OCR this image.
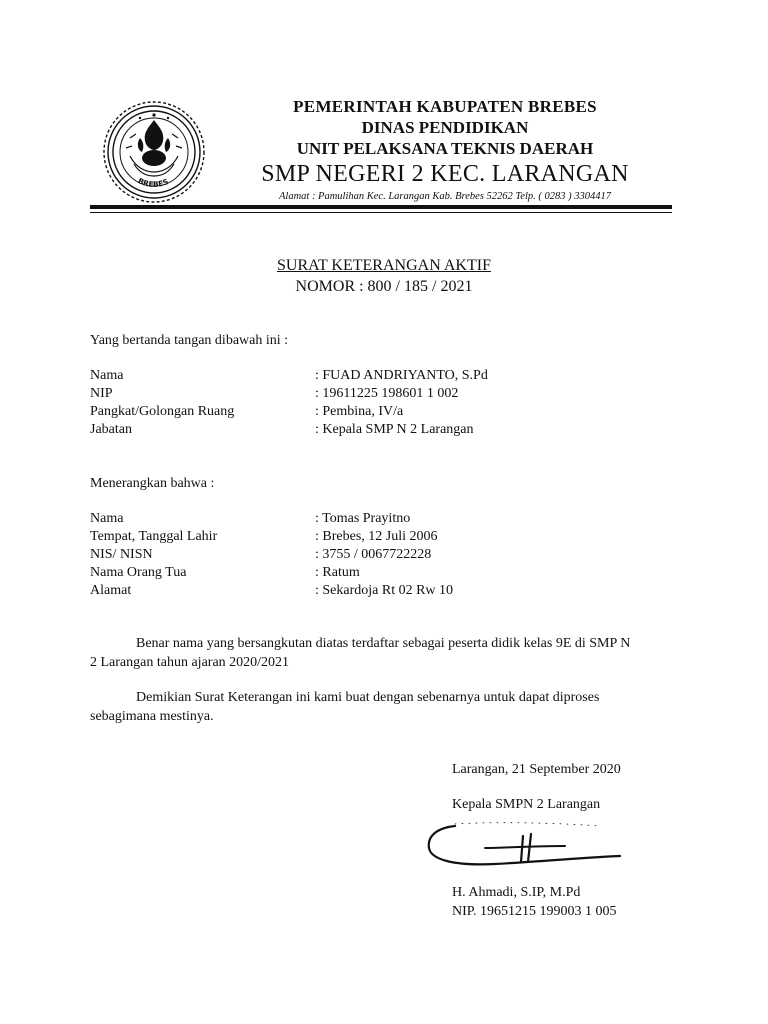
BREBES
PEMERINTAH KABUPATEN BREBES
DINAS PENDIDIKAN
UNIT PELAKSANA TEKNIS DAERAH
SMP NEGERI 2 KEC. LARANGAN
Alamat : Pamulihan Kec. Larangan Kab. Brebes 52262 Telp. ( 0283 ) 3304417
SURAT KETERANGAN AKTIF
NOMOR : 800 / 185 / 2021
Yang bertanda tangan dibawah ini :
Nama	: FUAD ANDRIYANTO, S.Pd
NIP	: 19611225 198601 1 002
Pangkat/Golongan Ruang	: Pembina, IV/a
Jabatan	: Kepala SMP N 2 Larangan
Menerangkan bahwa :
Nama	: Tomas Prayitno
Tempat, Tanggal Lahir	: Brebes, 12 Juli 2006
NIS/ NISN	: 3755 / 0067722228
Nama Orang Tua	: Ratum
Alamat	: Sekardoja Rt 02 Rw 10
Benar nama yang bersangkutan diatas terdaftar sebagai peserta didik kelas 9E di SMP N
2 Larangan tahun ajaran 2020/2021
Demikian Surat Keterangan ini kami buat dengan sebenarnya untuk dapat diproses
sebagimana mestinya.
Larangan, 21 September 2020
Kepala SMPN 2 Larangan
H. Ahmadi, S.IP, M.Pd
NIP. 19651215 199003 1 005
